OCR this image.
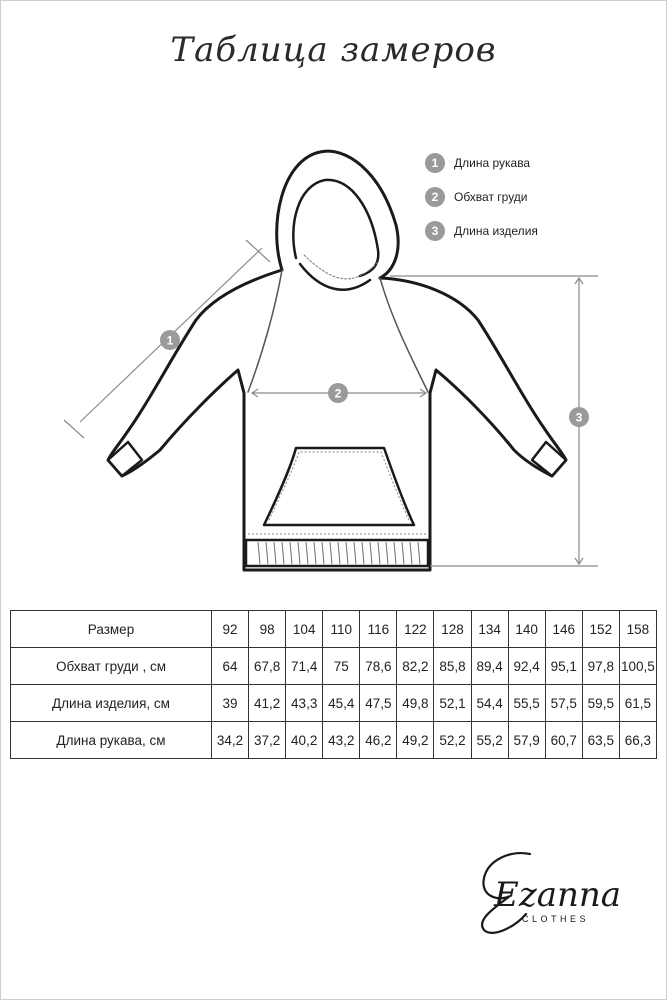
Таблица замеров
1
2
3
1	Длина рукава
2	Обхват груди
3	Длина изделия
Размер	92	98	104	110	116	122	128	134	140	146	152	158
Обхват груди , см	64	67,8	71,4	75	78,6	82,2	85,8	89,4	92,4	95,1	97,8	100,5
Длина изделия, см	39	41,2	43,3	45,4	47,5	49,8	52,1	54,4	55,5	57,5	59,5	61,5
Длина рукава, см	34,2	37,2	40,2	43,2	46,2	49,2	52,2	55,2	57,9	60,7	63,5	66,3
Ezanna
CLOTHES
